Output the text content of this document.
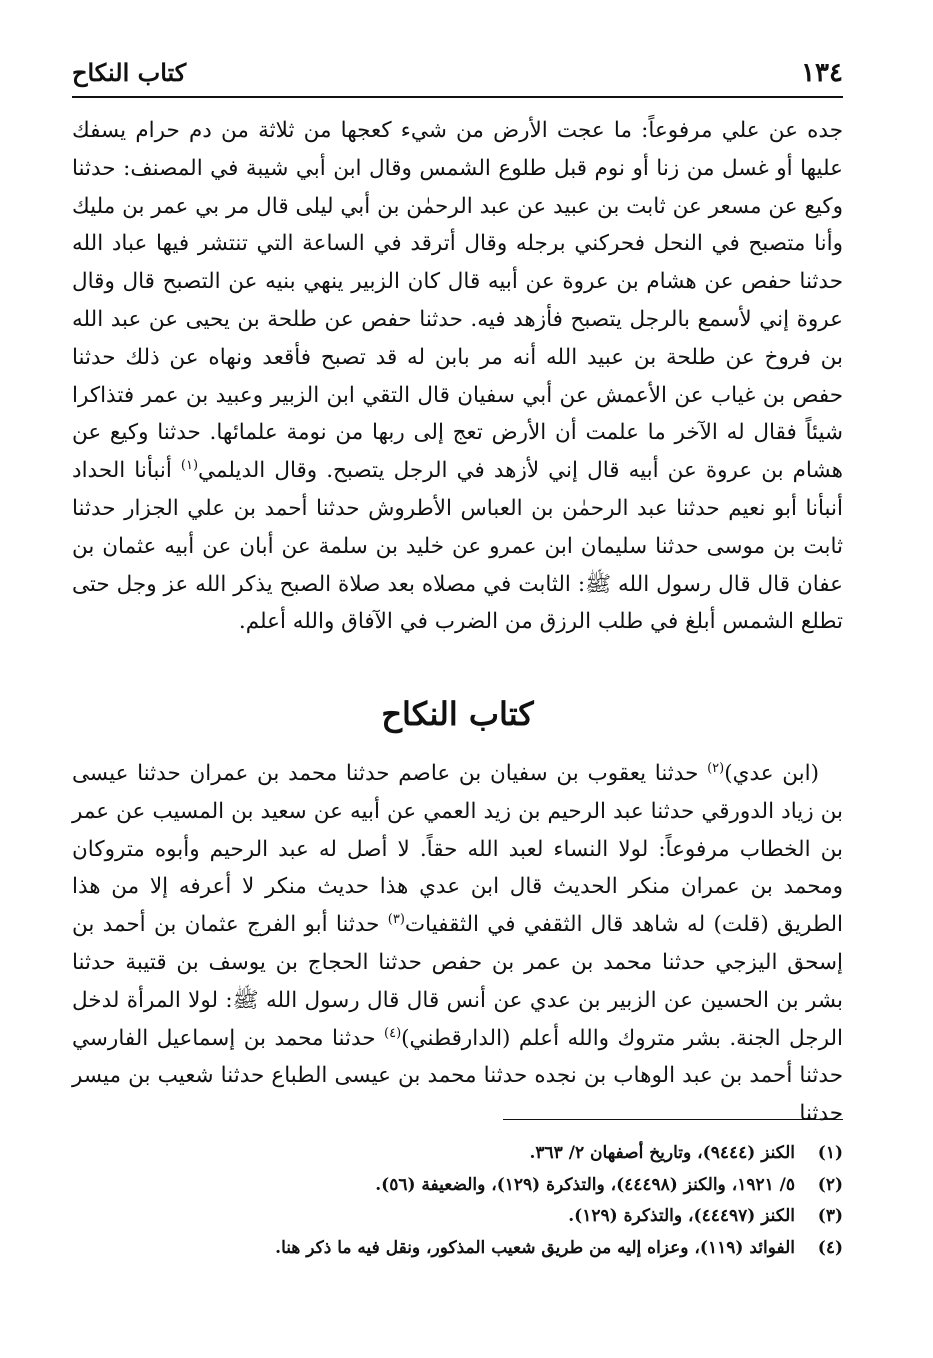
١٣٤
كتاب النكاح

جده عن علي مرفوعاً: ما عجت الأرض من شيء كعجها من ثلاثة من دم حرام يسفك عليها أو غسل من زنا أو نوم قبل طلوع الشمس وقال ابن أبي شيبة في المصنف: حدثنا وكيع عن مسعر عن ثابت بن عبيد عن عبد الرحمٰن بن أبي ليلى قال مر بي عمر بن مليك وأنا متصبح في النحل فحركني برجله وقال أترقد في الساعة التي تنتشر فيها عباد الله حدثنا حفص عن هشام بن عروة عن أبيه قال كان الزبير ينهي بنيه عن التصبح قال وقال عروة إني لأسمع بالرجل يتصبح فأزهد فيه. حدثنا حفص عن طلحة بن يحيى عن عبد الله بن فروخ عن طلحة بن عبيد الله أنه مر بابن له قد تصبح فأقعد ونهاه عن ذلك حدثنا حفص بن غياب عن الأعمش عن أبي سفيان قال التقي ابن الزبير وعبيد بن عمر فتذاكرا شيئاً فقال له الآخر ما علمت أن الأرض تعج إلى ربها من نومة علمائها. حدثنا وكيع عن هشام بن عروة عن أبيه قال إني لأزهد في الرجل يتصبح. وقال الديلمي$^{(١)}$ أنبأنا الحداد أنبأنا أبو نعيم حدثنا عبد الرحمٰن بن العباس الأطروش حدثنا أحمد بن علي الجزار حدثنا ثابت بن موسى حدثنا سليمان ابن عمرو عن خليد بن سلمة عن أبان عن أبيه عثمان بن عفان قال قال رسول الله ﷺ: الثابت في مصلاه بعد صلاة الصبح يذكر الله عز وجل حتى تطلع الشمس أبلغ في طلب الرزق من الضرب في الآفاق والله أعلم.

كتاب النكاح

(ابن عدي)$^{(٢)}$ حدثنا يعقوب بن سفيان بن عاصم حدثنا محمد بن عمران حدثنا عيسى بن زياد الدورقي حدثنا عبد الرحيم بن زيد العمي عن أبيه عن سعيد بن المسيب عن عمر بن الخطاب مرفوعاً: لولا النساء لعبد الله حقاً. لا أصل له عبد الرحيم وأبوه متروكان ومحمد بن عمران منكر الحديث قال ابن عدي هذا حديث منكر لا أعرفه إلا من هذا الطريق (قلت) له شاهد قال الثقفي في الثقفيات$^{(٣)}$ حدثنا أبو الفرج عثمان بن أحمد بن إسحق اليزجي حدثنا محمد بن عمر بن حفص حدثنا الحجاج بن يوسف بن قتيبة حدثنا بشر بن الحسين عن الزبير بن عدي عن أنس قال قال رسول الله ﷺ: لولا المرأة لدخل الرجل الجنة. بشر متروك والله أعلم (الدارقطني)$^{(٤)}$ حدثنا محمد بن إسماعيل الفارسي حدثنا أحمد بن عبد الوهاب بن نجده حدثنا محمد بن عيسى الطباع حدثنا شعيب بن ميسر حدثنا

(١)
الكنز (٩٤٤٤)، وتاريخ أصفهان ٢/ ٣٦٣.
(٢)
٥/ ١٩٢١، والكنز (٤٤٤٩٨)، والتذكرة (١٢٩)، والضعيفة (٥٦).
(٣)
الكنز (٤٤٤٩٧)، والتذكرة (١٢٩).
(٤)
الفوائد (١١٩)، وعزاه إليه من طريق شعيب المذكور، ونقل فيه ما ذكر هنا.
